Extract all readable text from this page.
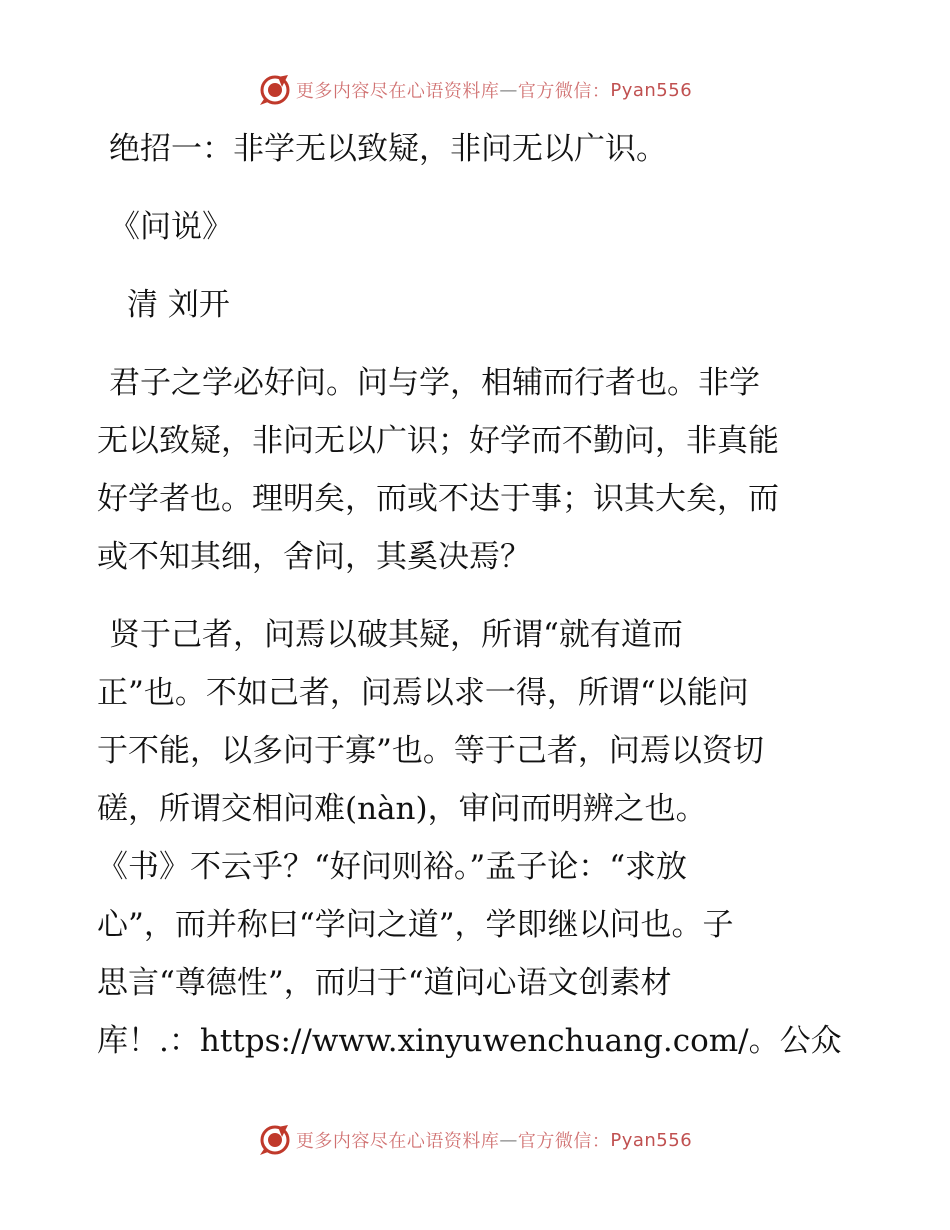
更多内容尽在心语资料库 — 官方微信： Pyan556
绝招一：非学无以致疑，非问无以广识。
《问说》
清 刘开
君子之学必好问。问与学，相辅而行者也。非学
无以致疑，非问无以广识；好学而不勤问，非真能
好学者也。理明矣，而或不达于事；识其大矣，而
或不知其细，舍问，其奚决焉？
贤于己者，问焉以破其疑，所谓“就有道而
正”也。不如己者，问焉以求一得，所谓“以能问
于不能，以多问于寡”也。等于己者，问焉以资切
磋，所谓交相问难(nàn)，审问而明辨之也。
《书》不云乎？“好问则裕。”孟子论：“求放
心”，而并称曰“学问之道”，学即继以问也。子
思言“尊德性”，而归于“道问心语文创素材
库！.：https://www.xinyuwenchuang.com/。公众
更多内容尽在心语资料库 — 官方微信： Pyan556
